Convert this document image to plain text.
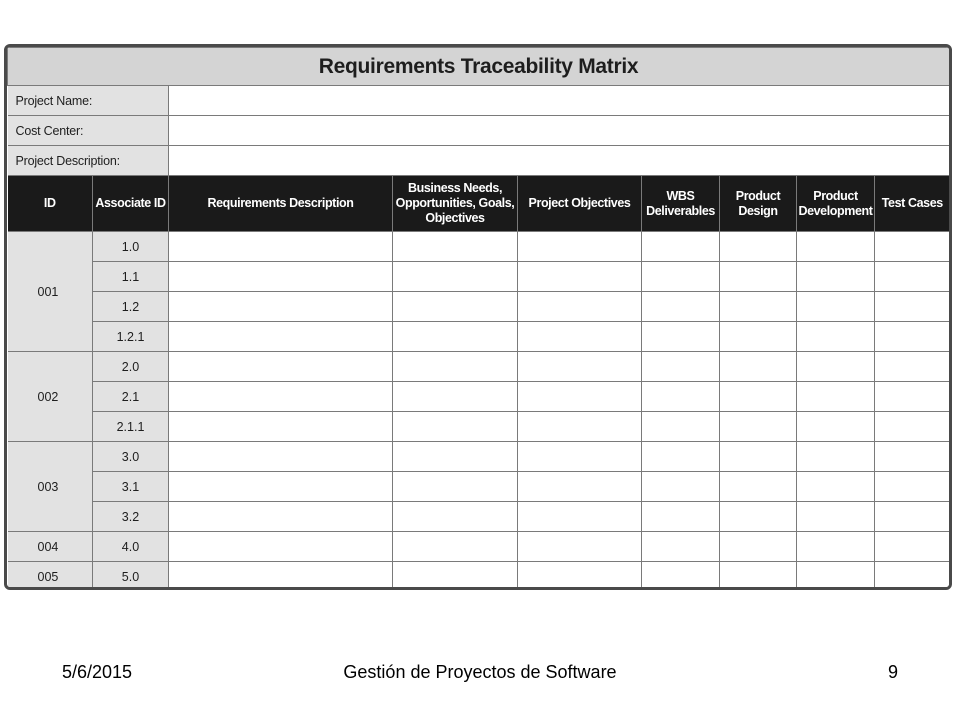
Requirements Traceability Matrix								
Project Name:								
Cost Center:								
Project Description:								
ID	Associate ID	Requirements Description	Business Needs, Opportunities, Goals, Objectives	Project Objectives	WBS Deliverables	Product Design	Product Development	Test Cases
001	1.0							
	1.1							
	1.2							
	1.2.1							
002	2.0							
	2.1							
	2.1.1							
003	3.0							
	3.1							
	3.2							
004	4.0							
005	5.0							
5/6/2015	Gestión de Proyectos de Software	9
